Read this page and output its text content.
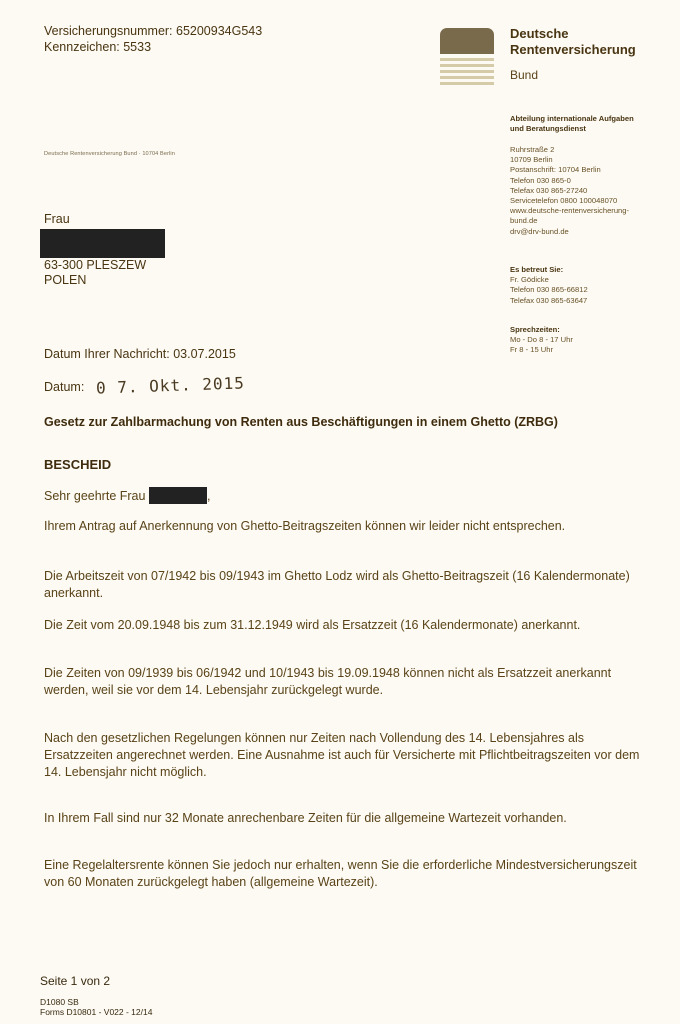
Versicherungsnummer: 65200934G543
Kennzeichen: 5533
Deutsche
Rentenversicherung
Bund
Abteilung internationale Aufgaben
und Beratungsdienst
Ruhrstraße 2
10709 Berlin
Postanschrift: 10704 Berlin
Telefon 030 865-0
Telefax 030 865-27240
Servicetelefon 0800 100048070
www.deutsche-rentenversicherung-
bund.de
drv@drv-bund.de
Es betreut Sie:
Fr. Gödicke
Telefon 030 865-66812
Telefax 030 865-63647
Sprechzeiten:
Mo - Do 8 - 17 Uhr
Fr 8 - 15 Uhr
Deutsche Rentenversicherung Bund · 10704 Berlin
Frau
63-300 PLESZEW
POLEN
Datum Ihrer Nachricht: 03.07.2015
Datum: 0 7. Okt. 2015
Gesetz zur Zahlbarmachung von Renten aus Beschäftigungen in einem Ghetto (ZRBG)
BESCHEID
Sehr geehrte Frau	,
Ihrem Antrag auf Anerkennung von Ghetto-Beitragszeiten können wir leider nicht entsprechen.
Die Arbeitszeit von 07/1942 bis 09/1943 im Ghetto Lodz wird als Ghetto-Beitragszeit (16 Kalendermonate) anerkannt.
Die Zeit vom 20.09.1948 bis zum 31.12.1949 wird als Ersatzzeit (16 Kalendermonate) anerkannt.
Die Zeiten von 09/1939 bis 06/1942 und 10/1943 bis 19.09.1948 können nicht als Ersatzzeit anerkannt werden, weil sie vor dem 14. Lebensjahr zurückgelegt wurde.
Nach den gesetzlichen Regelungen können nur Zeiten nach Vollendung des 14. Lebensjahres als Ersatzzeiten angerechnet werden. Eine Ausnahme ist auch für Versicherte mit Pflichtbeitragszeiten vor dem 14. Lebensjahr nicht möglich.
In Ihrem Fall sind nur 32 Monate anrechenbare Zeiten für die allgemeine Wartezeit vorhanden.
Eine Regelaltersrente können Sie jedoch nur erhalten, wenn Sie die erforderliche Mindestversicherungszeit von 60 Monaten zurückgelegt haben (allgemeine Wartezeit).
Seite 1 von 2
D1080 SB
Forms D10801 - V022 - 12/14
